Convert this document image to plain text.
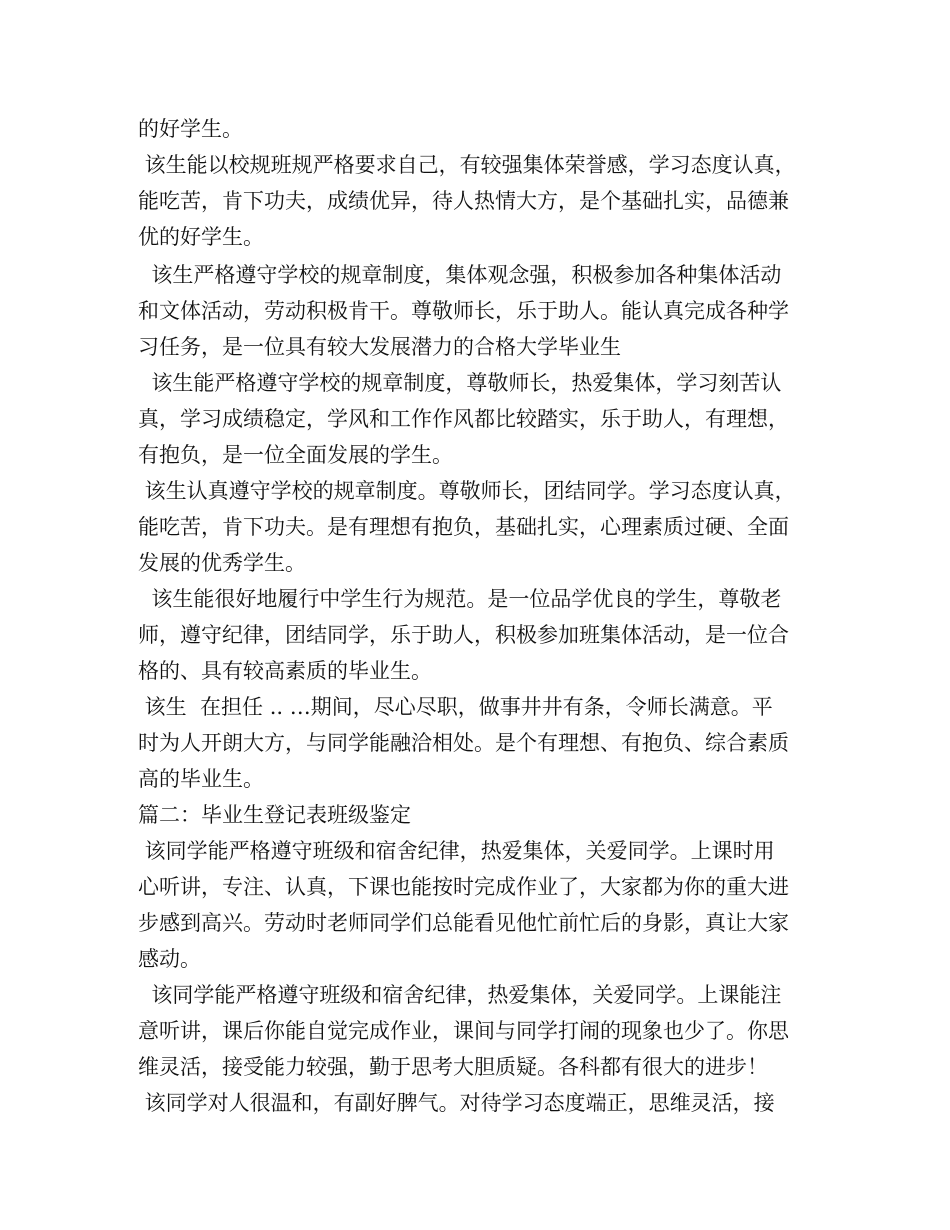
的好学生。
该生能以校规班规严格要求自己，有较强集体荣誉感，学习态度认真，
能吃苦，肯下功夫，成绩优异，待人热情大方，是个基础扎实，品德兼
优的好学生。
该生严格遵守学校的规章制度，集体观念强，积极参加各种集体活动
和文体活动，劳动积极肯干。尊敬师长，乐于助人。能认真完成各种学
习任务，是一位具有较大发展潜力的合格大学毕业生
该生能严格遵守学校的规章制度，尊敬师长，热爱集体，学习刻苦认
真，学习成绩稳定，学风和工作作风都比较踏实，乐于助人，有理想，
有抱负，是一位全面发展的学生。
该生认真遵守学校的规章制度。尊敬师长，团结同学。学习态度认真，
能吃苦，肯下功夫。是有理想有抱负，基础扎实，心理素质过硬、全面
发展的优秀学生。
该生能很好地履行中学生行为规范。是一位品学优良的学生，尊敬老
师，遵守纪律，团结同学，乐于助人，积极参加班集体活动，是一位合
格的、具有较高素质的毕业生。
该生  在担任 .. …期间，尽心尽职，做事井井有条，令师长满意。平
时为人开朗大方，与同学能融洽相处。是个有理想、有抱负、综合素质
高的毕业生。
篇二：毕业生登记表班级鉴定
该同学能严格遵守班级和宿舍纪律，热爱集体，关爱同学。上课时用
心听讲，专注、认真，下课也能按时完成作业了，大家都为你的重大进
步感到高兴。劳动时老师同学们总能看见他忙前忙后的身影，真让大家
感动。
该同学能严格遵守班级和宿舍纪律，热爱集体，关爱同学。上课能注
意听讲，课后你能自觉完成作业，课间与同学打闹的现象也少了。你思
维灵活，接受能力较强，勤于思考大胆质疑。各科都有很大的进步！
该同学对人很温和，有副好脾气。对待学习态度端正，思维灵活，接
